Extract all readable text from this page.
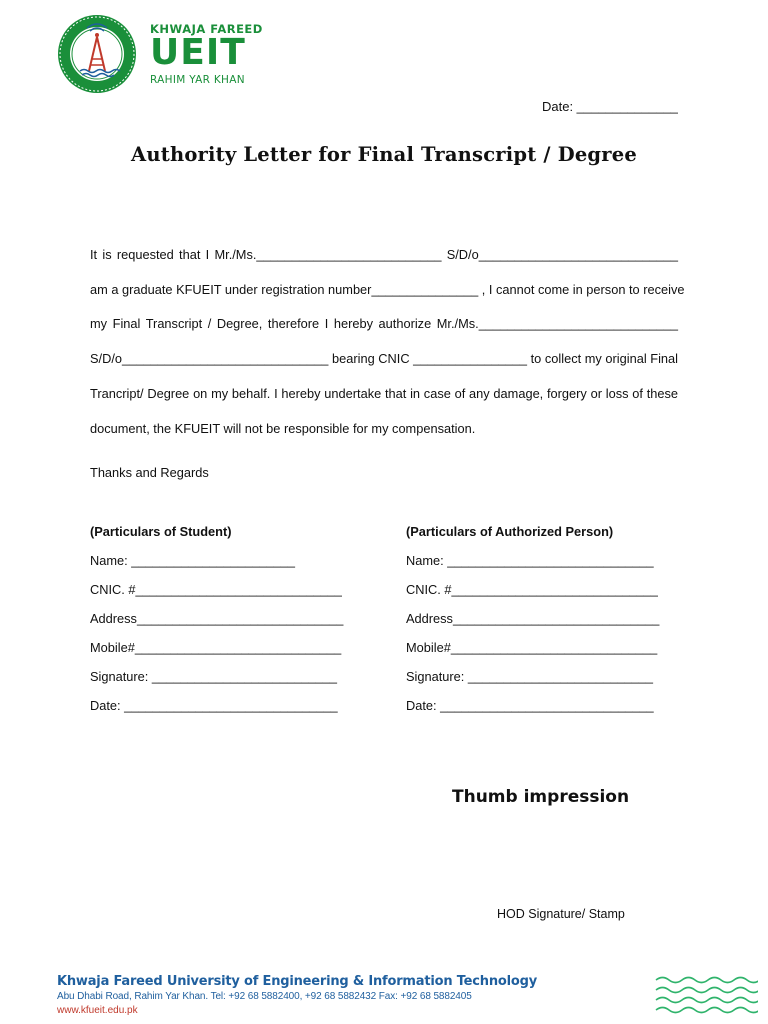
KHWAJA FAREED
UEIT
RAHIM YAR KHAN
Date: ______________
Authority Letter for Final Transcript / Degree
It is requested that I Mr./Ms.__________________________ S/D/o____________________________
am a graduate KFUEIT under registration number_______________ , I cannot come in person to receive
my Final Transcript / Degree, therefore I hereby authorize Mr./Ms.____________________________
S/D/o_____________________________ bearing CNIC ________________ to collect my original Final
Trancript/ Degree on my behalf. I hereby undertake that in case of any damage, forgery or loss of these
document, the KFUEIT will not be responsible for my compensation.
Thanks and Regards
(Particulars of Student)
Name: _______________________
CNIC. #_____________________________
Address_____________________________
Mobile#_____________________________
Signature: __________________________
Date: ______________________________
(Particulars of Authorized Person)
Name: _____________________________
CNIC. #_____________________________
Address_____________________________
Mobile#_____________________________
Signature: __________________________
Date: ______________________________
Thumb impression
HOD Signature/ Stamp
Khwaja Fareed University of Engineering & Information Technology
Abu Dhabi Road, Rahim Yar Khan. Tel: +92 68 5882400, +92 68 5882432 Fax: +92 68 5882405
www.kfueit.edu.pk
